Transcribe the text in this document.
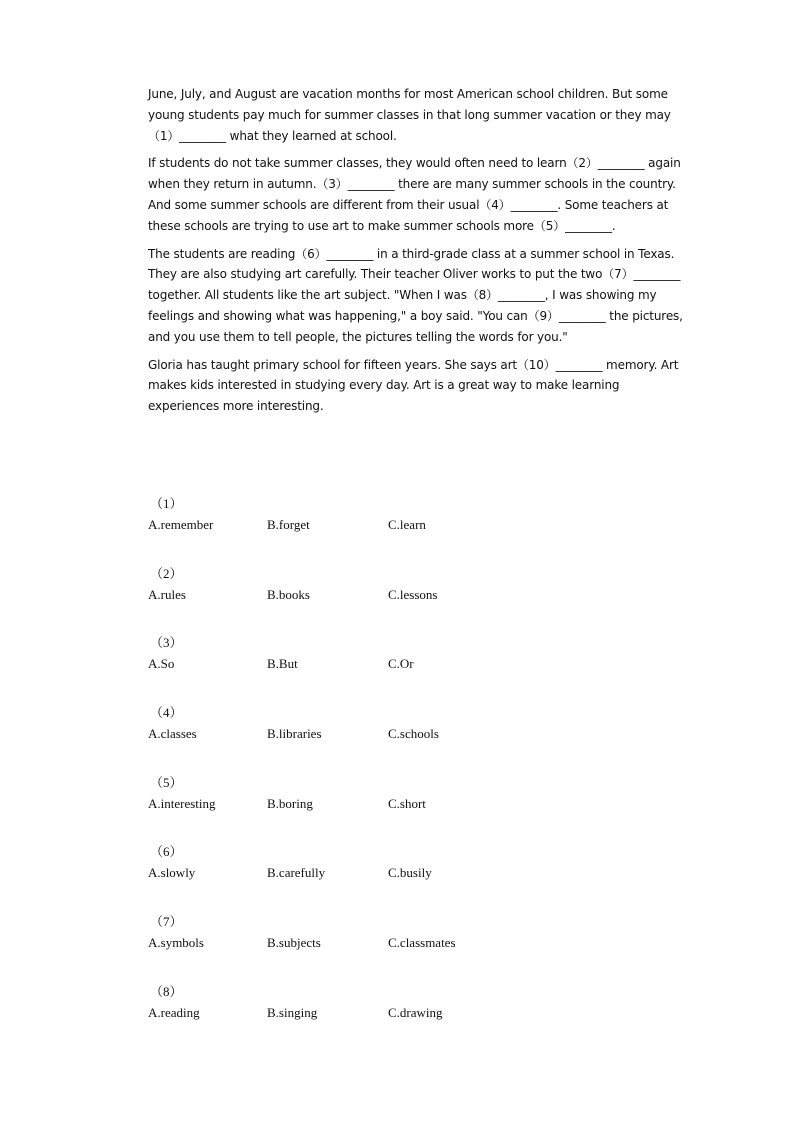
June, July, and August are vacation months for most American school children. But some young students pay much for summer classes in that long summer vacation or they may（1）________ what they learned at school.

If students do not take summer classes, they would often need to learn（2）________ again when they return in autumn.（3）________ there are many summer schools in the country. And some summer schools are different from their usual（4）________. Some teachers at these schools are trying to use art to make summer schools more（5）________.

The students are reading（6）________ in a third-grade class at a summer school in Texas. They are also studying art carefully. Their teacher Oliver works to put the two（7）________ together. All students like the art subject. "When I was（8）________, I was showing my feelings and showing what was happening," a boy said. "You can（9）________ the pictures, and you use them to tell people, the pictures telling the words for you."

Gloria has taught primary school for fifteen years. She says art（10）________ memory. Art makes kids interested in studying every day. Art is a great way to make learning experiences more interesting.

（1）
A.remember	B.forget	C.learn
（2）
A.rules	B.books	C.lessons
（3）
A.So	B.But	C.Or
（4）
A.classes	B.libraries	C.schools
（5）
A.interesting	B.boring	C.short
（6）
A.slowly	B.carefully	C.busily
（7）
A.symbols	B.subjects	C.classmates
（8）
A.reading	B.singing	C.drawing
